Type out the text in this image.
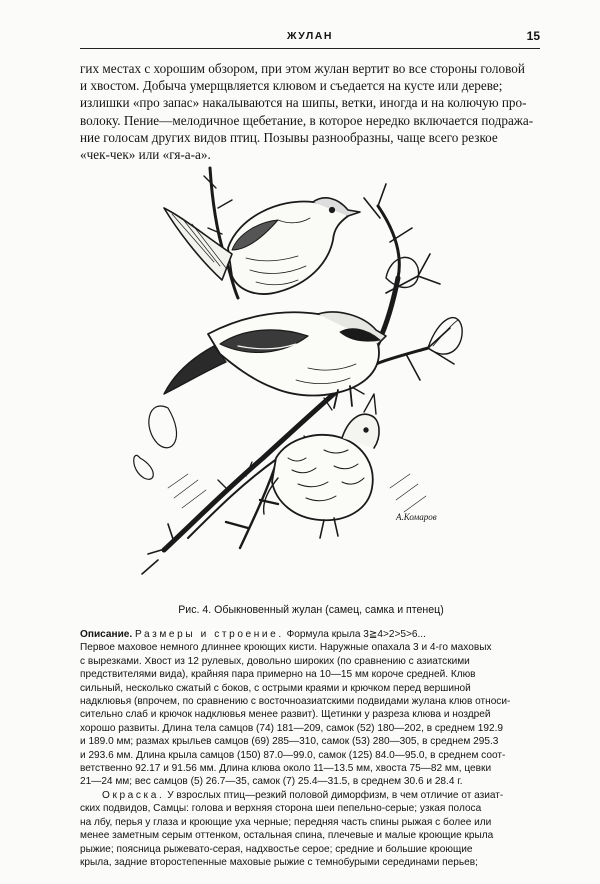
ЖУЛАН	15
гих местах с хорошим обзором, при этом жулан вертит во все стороны головой
и хвостом. Добыча умерщвляется клювом и съедается на кусте или дереве;
излишки «про запас» накалываются на шипы, ветки, иногда и на колючую про-
волоку. Пение—мелодичное щебетание, в которое нередко включается подража-
ние голосам других видов птиц. Позывы разнообразны, чаще всего резкое
«чек-чек» или «гя-а-а».
А.Комаров
Рис. 4. Обыкновенный жулан (самец, самка и птенец)
Описание. Размеры и строение. Формула крыла 3≧4>2>5>6...
Первое маховое немного длиннее кроющих кисти. Наружные опахала 3 и 4-го маховых
с вырезками. Хвост из 12 рулевых, довольно широких (по сравнению с азиатскими
предствителями вида), крайняя пара примерно на 10—15 мм короче средней. Клюв
сильный, несколько сжатый с боков, с острыми краями и крючком перед вершиной
надклювья (впрочем, по сравнению с восточноазиатскими подвидами жулана клюв относи-
сительно слаб и крючок надклювья менее развит). Щетинки у разреза клюва и ноздрей
хорошо развиты. Длина тела самцов (74) 181—209, самок (52) 180—202, в среднем 192.9
и 189.0 мм; размах крыльев самцов (69) 285—310, самок (53) 280—305, в среднем 295.3
и 293.6 мм. Длина крыла самцов (150) 87.0—99.0, самок (125) 84.0—95.0, в среднем соот-
ветственно 92.17 и 91.56 мм. Длина клюва около 11—13.5 мм, хвоста 75—82 мм, цевки
21—24 мм; вес самцов (5) 26.7—35, самок (7) 25.4—31.5, в среднем 30.6 и 28.4 г.
Окраска. У взрослых птиц—резкий половой диморфизм, в чем отличие от азиат-
ских подвидов, Самцы: голова и верхняя сторона шеи пепельно-серые; узкая полоса
на лбу, перья у глаза и кроющие уха черные; передняя часть спины рыжая с более или
менее заметным серым оттенком, остальная спина, плечевые и малые кроющие крыла
рыжие; поясница рыжевато-серая, надхвостье серое; средние и большие кроющие
крыла, задние второстепенные маховые рыжие с темнобурыми серединами перьев;
